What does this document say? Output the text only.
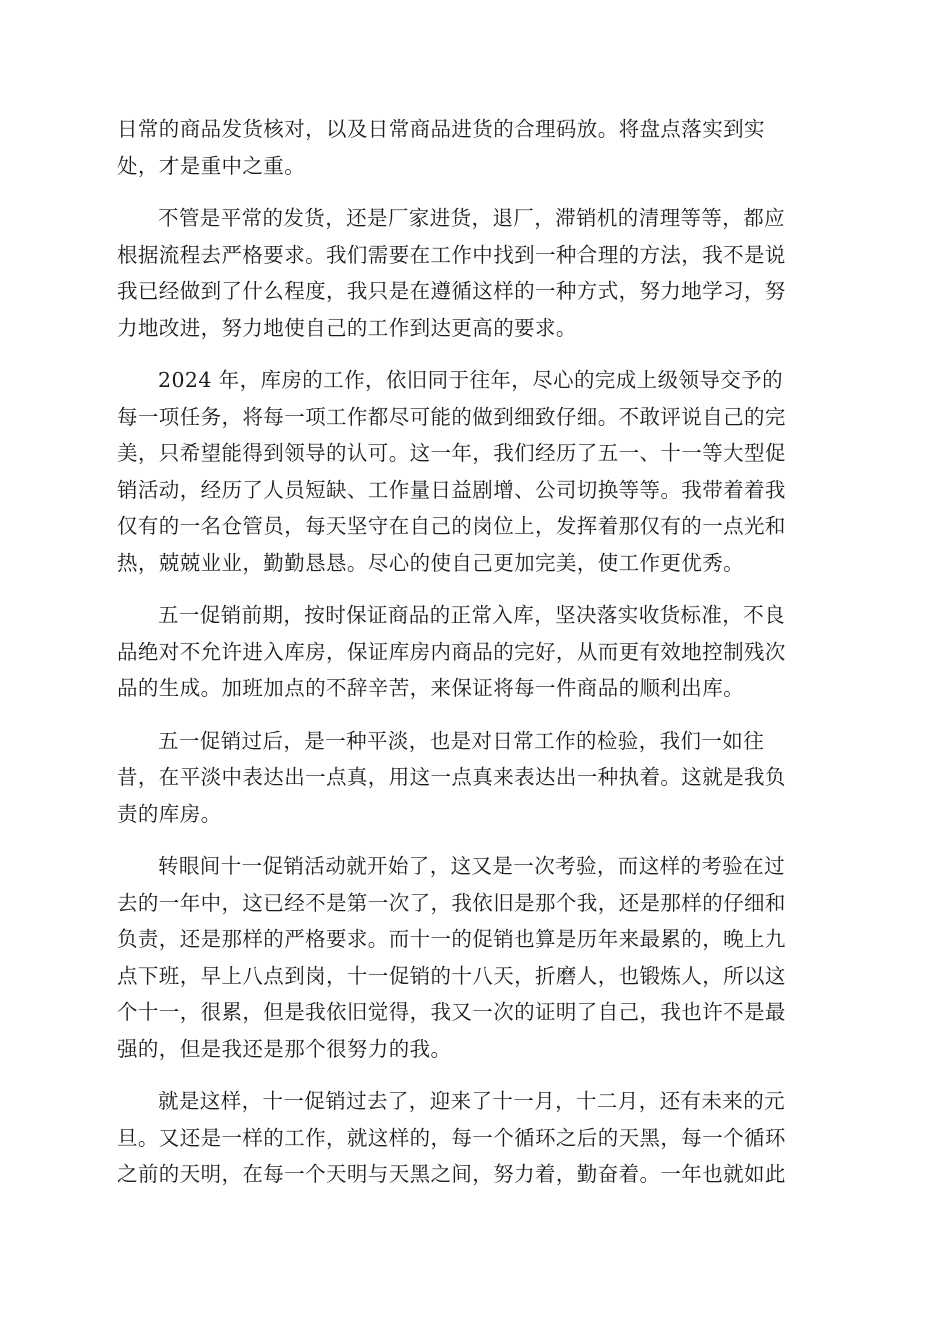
日常的商品发货核对，以及日常商品进货的合理码放。将盘点落实到实
处，才是重中之重。
不管是平常的发货，还是厂家进货，退厂，滞销机的清理等等，都应
根据流程去严格要求。我们需要在工作中找到一种合理的方法，我不是说
我已经做到了什么程度，我只是在遵循这样的一种方式，努力地学习，努
力地改进，努力地使自己的工作到达更高的要求。
2024 年，库房的工作，依旧同于往年，尽心的完成上级领导交予的
每一项任务，将每一项工作都尽可能的做到细致仔细。不敢评说自己的完
美，只希望能得到领导的认可。这一年，我们经历了五一、十一等大型促
销活动，经历了人员短缺、工作量日益剧增、公司切换等等。我带着着我
仅有的一名仓管员，每天坚守在自己的岗位上，发挥着那仅有的一点光和
热，兢兢业业，勤勤恳恳。尽心的使自己更加完美，使工作更优秀。
五一促销前期，按时保证商品的正常入库，坚决落实收货标准，不良
品绝对不允许进入库房，保证库房内商品的完好，从而更有效地控制残次
品的生成。加班加点的不辞辛苦，来保证将每一件商品的顺利出库。
五一促销过后，是一种平淡，也是对日常工作的检验，我们一如往
昔，在平淡中表达出一点真，用这一点真来表达出一种执着。这就是我负
责的库房。
转眼间十一促销活动就开始了，这又是一次考验，而这样的考验在过
去的一年中，这已经不是第一次了，我依旧是那个我，还是那样的仔细和
负责，还是那样的严格要求。而十一的促销也算是历年来最累的，晚上九
点下班，早上八点到岗，十一促销的十八天，折磨人，也锻炼人，所以这
个十一，很累，但是我依旧觉得，我又一次的证明了自己，我也许不是最
强的，但是我还是那个很努力的我。
就是这样，十一促销过去了，迎来了十一月，十二月，还有未来的元
旦。又还是一样的工作，就这样的，每一个循环之后的天黑，每一个循环
之前的天明，在每一个天明与天黑之间，努力着，勤奋着。一年也就如此
